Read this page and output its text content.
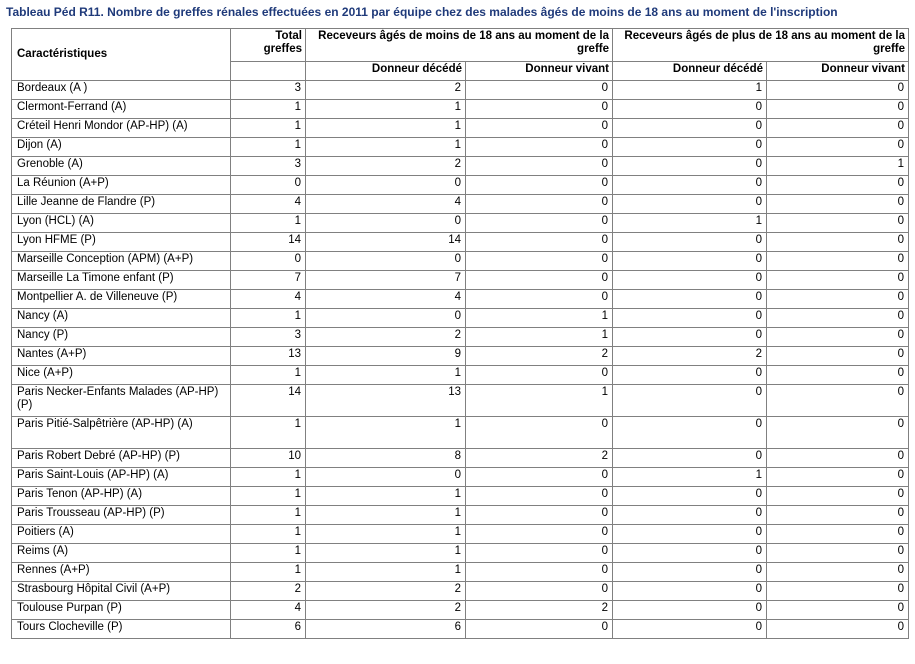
Tableau Péd R11. Nombre de greffes rénales effectuées en 2011 par équipe chez des malades âgés de moins de 18 ans au moment de l'inscription
Caractéristiques	Total greffes	Receveurs âgés de moins de 18 ans au moment de la greffe		Receveurs âgés de plus de 18 ans au moment de la greffe	
		Donneur décédé	Donneur vivant	Donneur décédé	Donneur vivant
Bordeaux (A )	3	2	0	1	0
Clermont-Ferrand (A)	1	1	0	0	0
Créteil Henri Mondor (AP-HP) (A)	1	1	0	0	0
Dijon (A)	1	1	0	0	0
Grenoble (A)	3	2	0	0	1
La Réunion (A+P)	0	0	0	0	0
Lille Jeanne de Flandre (P)	4	4	0	0	0
Lyon (HCL) (A)	1	0	0	1	0
Lyon HFME (P)	14	14	0	0	0
Marseille Conception (APM) (A+P)	0	0	0	0	0
Marseille La Timone enfant (P)	7	7	0	0	0
Montpellier A. de Villeneuve (P)	4	4	0	0	0
Nancy (A)	1	0	1	0	0
Nancy (P)	3	2	1	0	0
Nantes (A+P)	13	9	2	2	0
Nice (A+P)	1	1	0	0	0
Paris Necker-Enfants Malades (AP-HP) (P)	14	13	1	0	0
Paris Pitié-Salpêtrière (AP-HP) (A)	1	1	0	0	0
Paris Robert Debré (AP-HP) (P)	10	8	2	0	0
Paris Saint-Louis (AP-HP) (A)	1	0	0	1	0
Paris Tenon (AP-HP) (A)	1	1	0	0	0
Paris Trousseau (AP-HP) (P)	1	1	0	0	0
Poitiers (A)	1	1	0	0	0
Reims (A)	1	1	0	0	0
Rennes (A+P)	1	1	0	0	0
Strasbourg Hôpital Civil (A+P)	2	2	0	0	0
Toulouse Purpan (P)	4	2	2	0	0
Tours Clocheville (P)	6	6	0	0	0
